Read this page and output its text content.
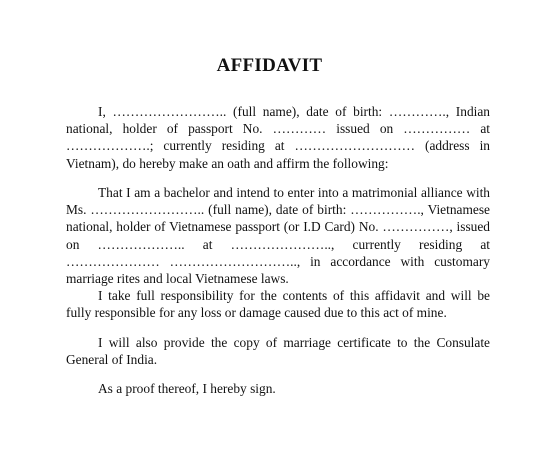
AFFIDAVIT

I, …………………….. (full name), date of birth: …………., Indian national, holder of passport No. ………… issued on …………… at ……………….; currently residing at ……………………… (address in Vietnam), do hereby make an oath and affirm the following:

That I am a bachelor and intend to enter into a matrimonial alliance with Ms. …………………….. (full name), date of birth: ……………., Vietnamese national, holder of Vietnamese passport (or I.D Card) No. ……………, issued on ……………….. at ………………….., currently residing at ………………… ……………………….., in accordance with customary marriage rites and local Vietnamese laws.

I take full responsibility for the contents of this affidavit and will be fully responsible for any loss or damage caused due to this act of mine.

I will also provide the copy of marriage certificate to the Consulate General of India.

As a proof thereof, I hereby sign.
